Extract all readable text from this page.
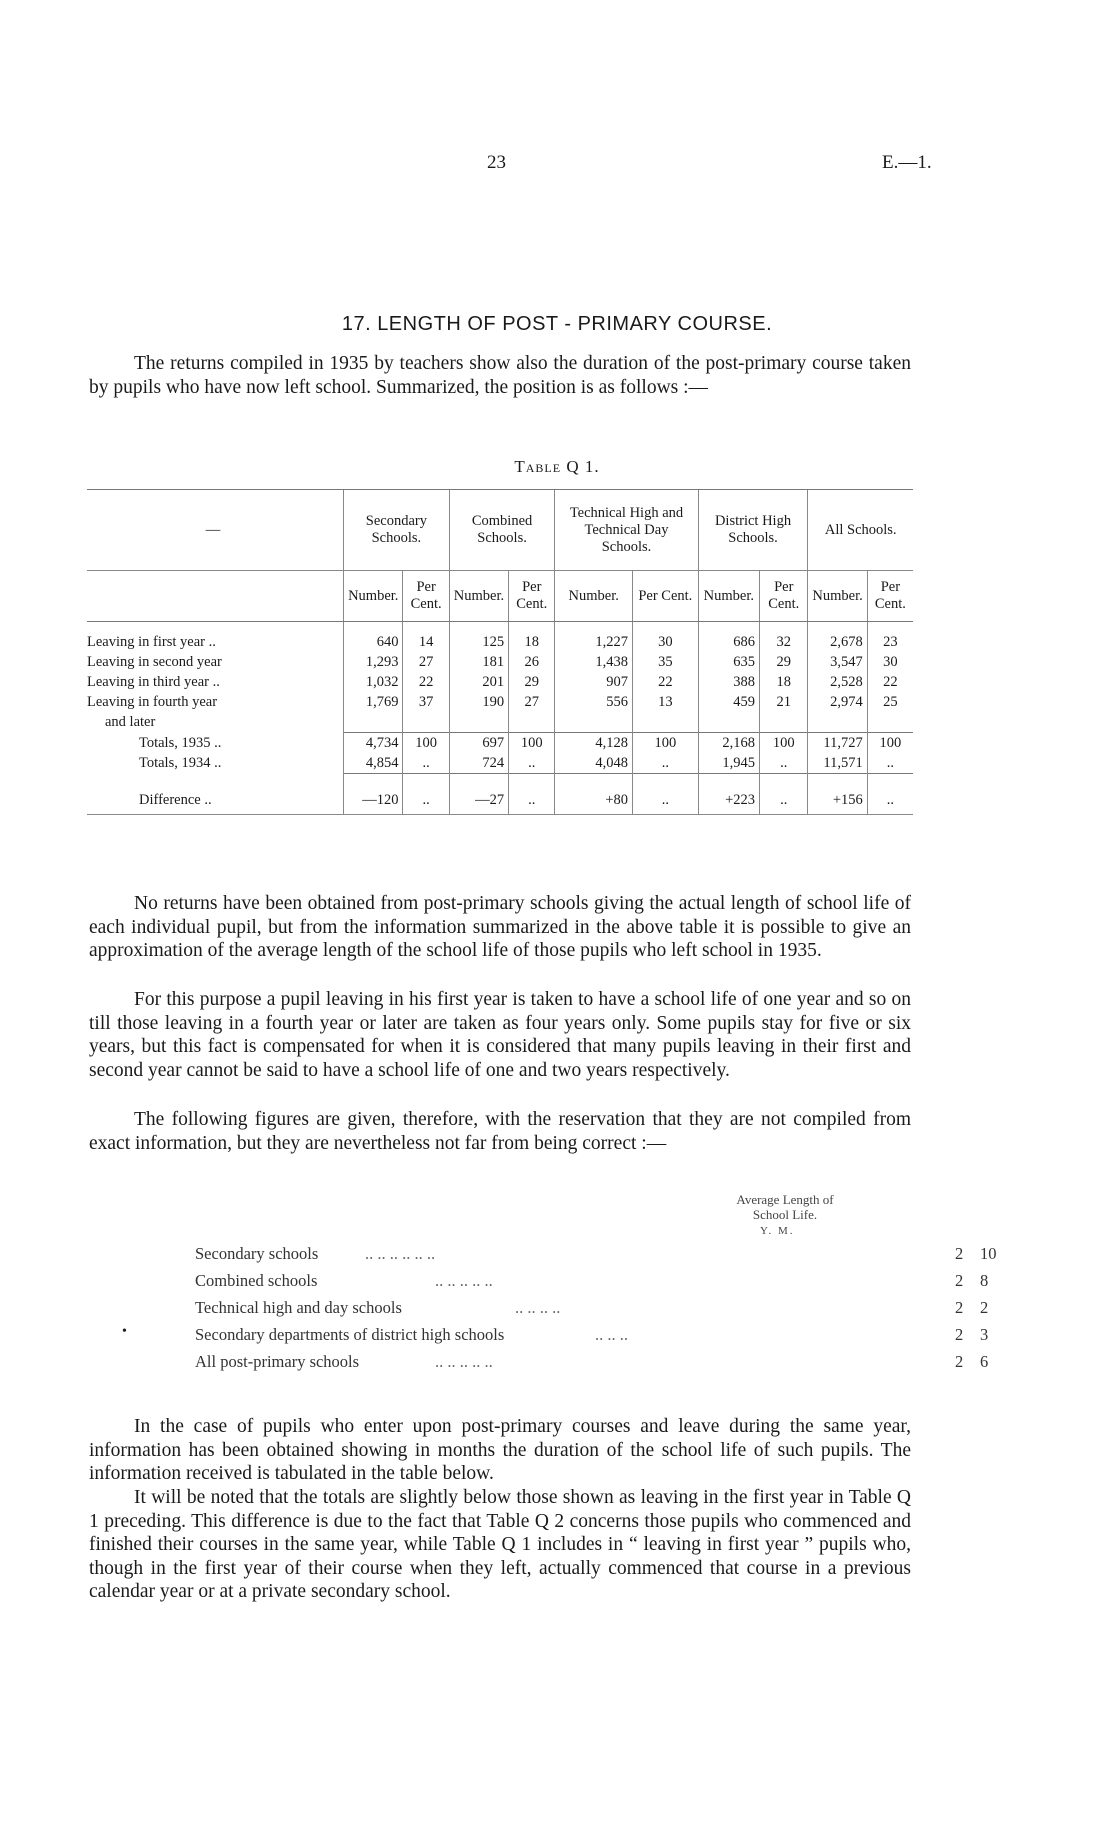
23	E.—1.
17. LENGTH OF POST - PRIMARY COURSE.

The returns compiled in 1935 by teachers show also the duration of the post-primary course taken by pupils who have now left school. Summarized, the position is as follows :—

Table Q 1.
—	Secondary Schools.		Combined Schools.		Technical High and Technical Day Schools.		District High Schools.		All Schools.	
	Number.	Per Cent.	Number.	Per Cent.	Number.	Per Cent.	Number.	Per Cent.	Number.	Per Cent.
Leaving in first year ..	640	14	125	18	1,227	30	686	32	2,678	23
Leaving in second year	1,293	27	181	26	1,438	35	635	29	3,547	30
Leaving in third year ..	1,032	22	201	29	907	22	388	18	2,528	22
Leaving in fourth year	1,769	37	190	27	556	13	459	21	2,974	25
and later										
Totals, 1935 ..	4,734	100	697	100	4,128	100	2,168	100	11,727	100
Totals, 1934 ..	4,854	..	724	..	4,048	..	1,945	..	11,571	..
Difference ..	—120	..	—27	..	+80	..	+223	..	+156	..

No returns have been obtained from post-primary schools giving the actual length of school life of each individual pupil, but from the information summarized in the above table it is possible to give an approximation of the average length of the school life of those pupils who left school in 1935.

For this purpose a pupil leaving in his first year is taken to have a school life of one year and so on till those leaving in a fourth year or later are taken as four years only. Some pupils stay for five or six years, but this fact is compensated for when it is considered that many pupils leaving in their first and second year cannot be said to have a school life of one and two years respectively.

The following figures are given, therefore, with the reservation that they are not compiled from exact information, but they are nevertheless not far from being correct :—

Average Length of School Life.
Y. M.
Secondary schools	.. .. .. .. .. ..	2 10
Combined schools	.. .. .. .. ..	2 8
Technical high and day schools	.. .. .. ..	2 2
•	Secondary departments of district high schools	.. .. ..	2 3
All post-primary schools	.. .. .. .. ..	2 6

In the case of pupils who enter upon post-primary courses and leave during the same year, information has been obtained showing in months the duration of the school life of such pupils. The information received is tabulated in the table below.

It will be noted that the totals are slightly below those shown as leaving in the first year in Table Q 1 preceding. This difference is due to the fact that Table Q 2 concerns those pupils who commenced and finished their courses in the same year, while Table Q 1 includes in “ leaving in first year ” pupils who, though in the first year of their course when they left, actually commenced that course in a previous calendar year or at a private secondary school.
